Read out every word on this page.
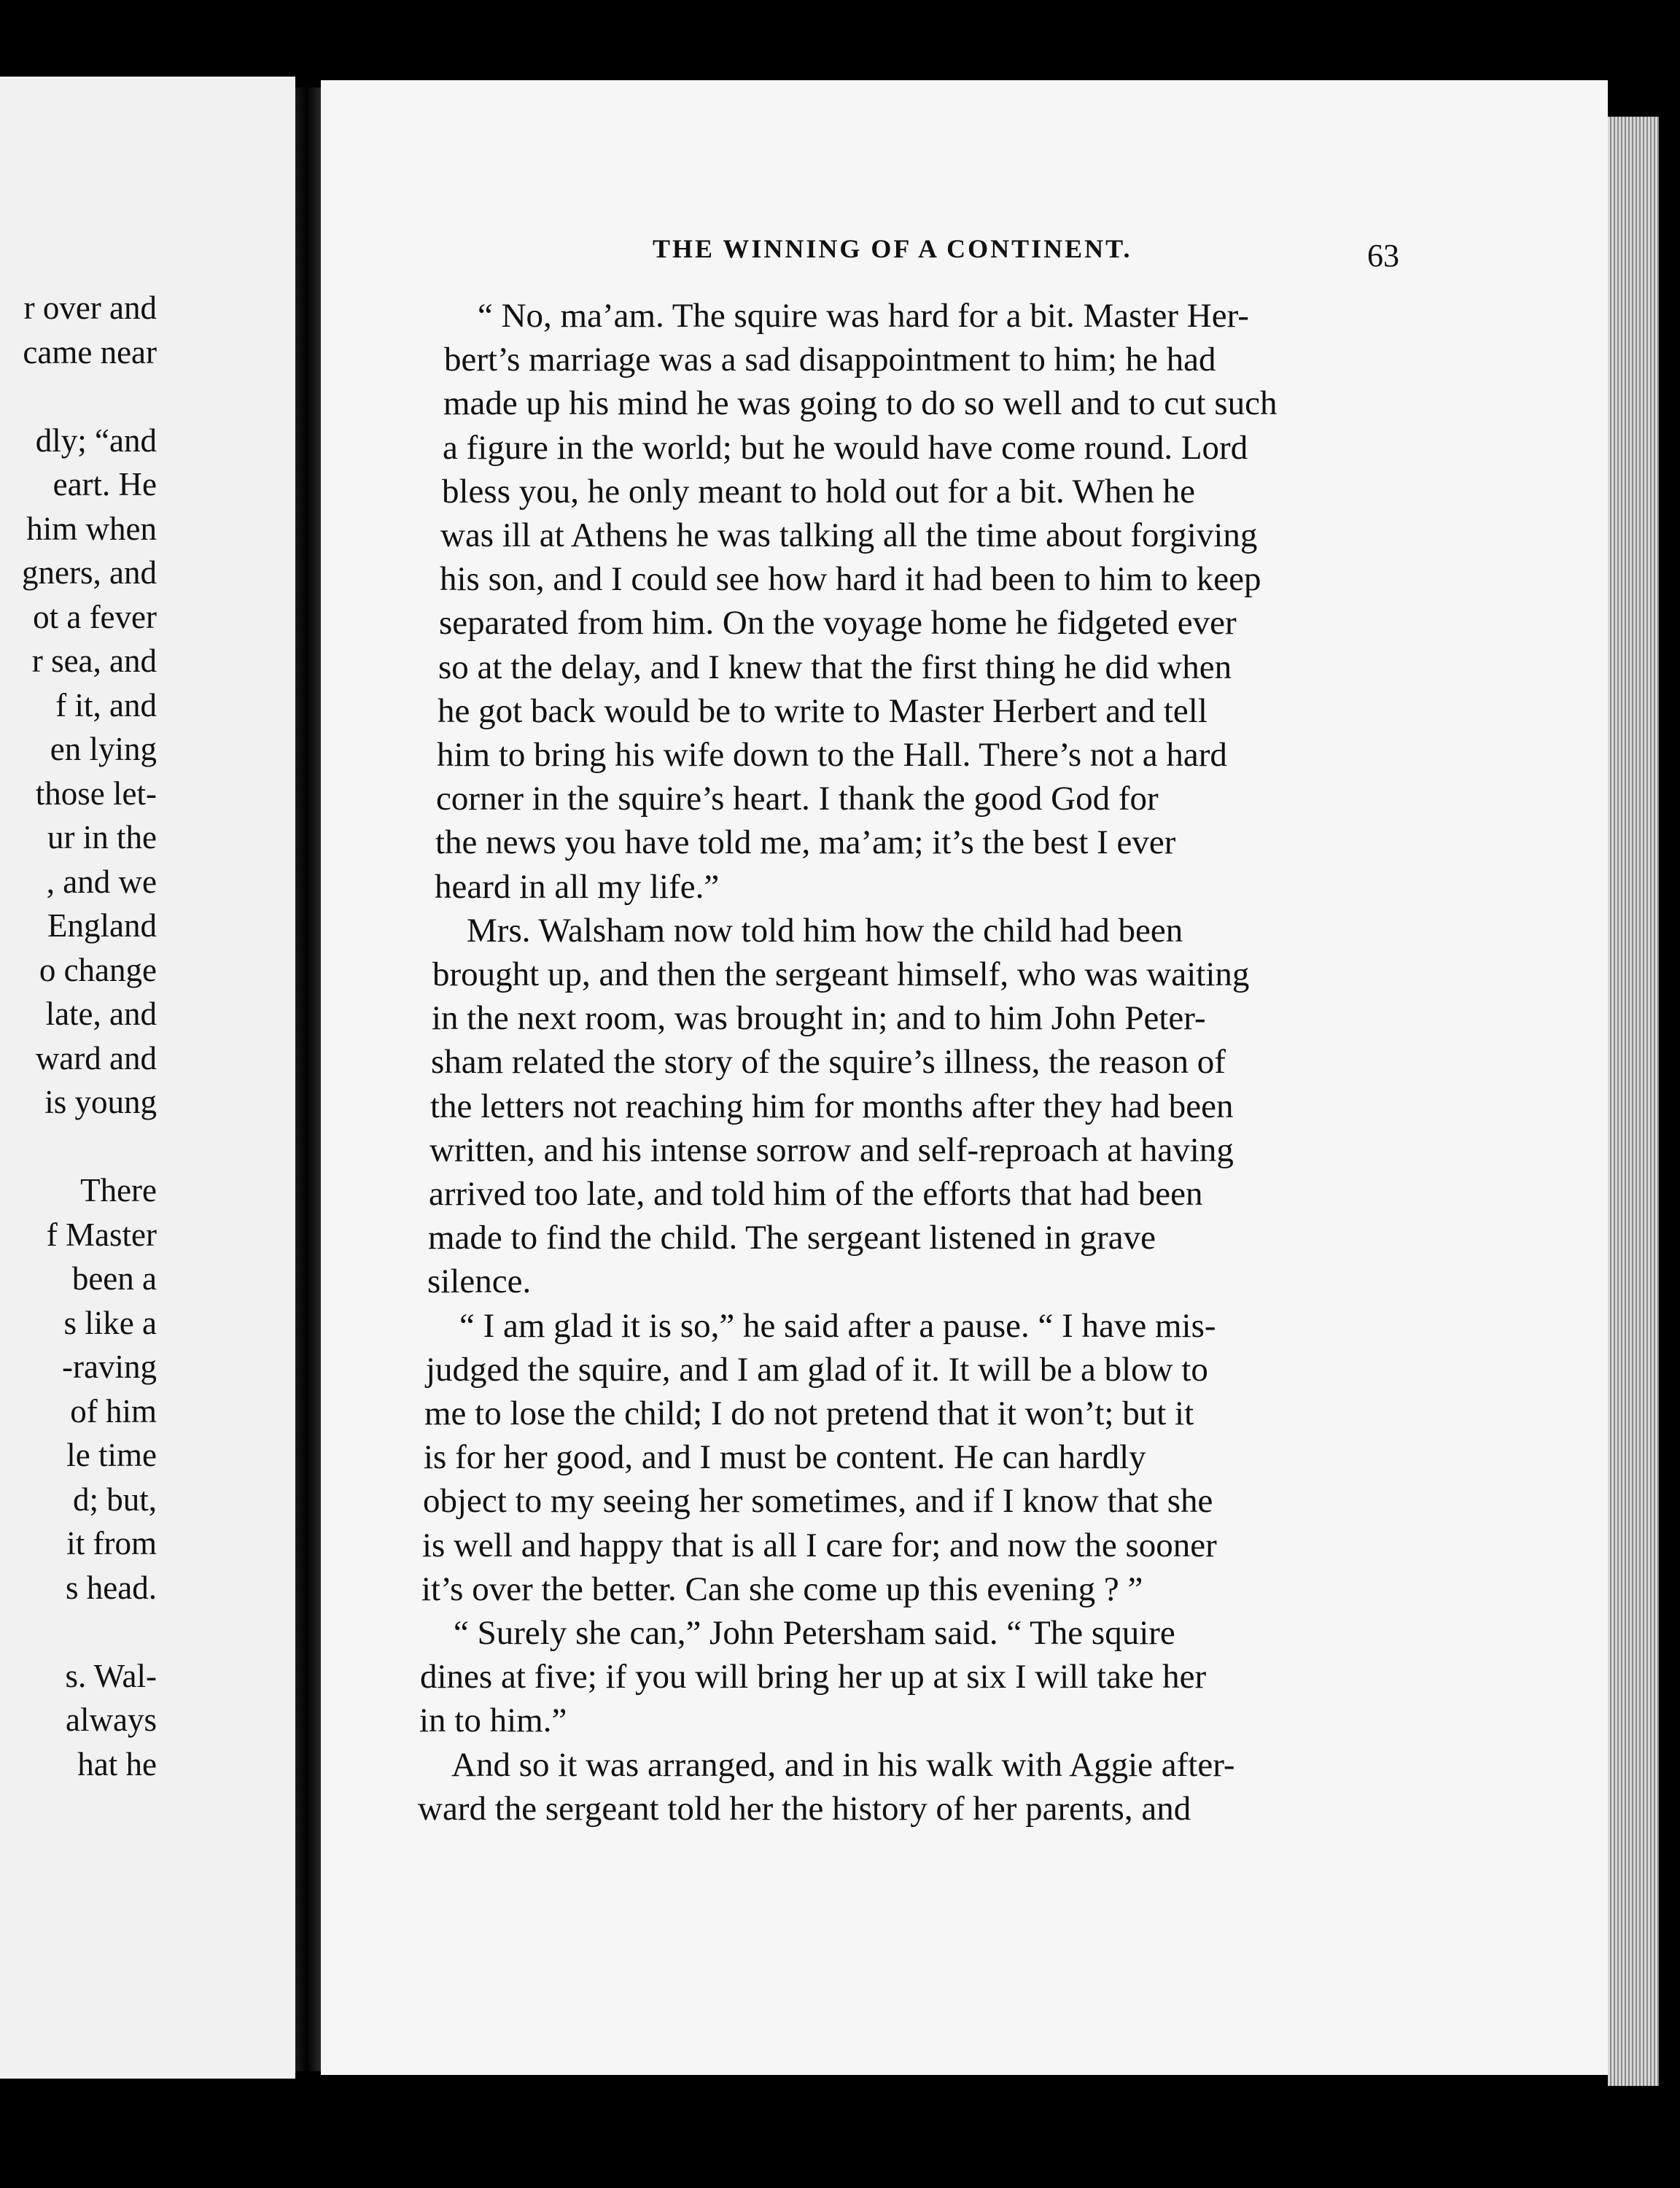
r over and
came near
dly; “and
eart. He
him when
gners, and
ot a fever
r sea, and
f it, and
en lying
those let-
ur in the
, and we
England
o change
late, and
ward and
is young
There
f Master
been a
s like a
-raving
of him
le time
d; but,
it from
s head.
s. Wal-
always
hat he
THE WINNING OF A CONTINENT.	63
“ No, ma’am. The squire was hard for a bit. Master Her-
bert’s marriage was a sad disappointment to him; he had
made up his mind he was going to do so well and to cut such
a figure in the world; but he would have come round. Lord
bless you, he only meant to hold out for a bit. When he
was ill at Athens he was talking all the time about forgiving
his son, and I could see how hard it had been to him to keep
separated from him. On the voyage home he fidgeted ever
so at the delay, and I knew that the first thing he did when
he got back would be to write to Master Herbert and tell
him to bring his wife down to the Hall. There’s not a hard
corner in the squire’s heart. I thank the good God for
the news you have told me, ma’am; it’s the best I ever
heard in all my life.”
Mrs. Walsham now told him how the child had been
brought up, and then the sergeant himself, who was waiting
in the next room, was brought in; and to him John Peter-
sham related the story of the squire’s illness, the reason of
the letters not reaching him for months after they had been
written, and his intense sorrow and self-reproach at having
arrived too late, and told him of the efforts that had been
made to find the child. The sergeant listened in grave
silence.
“ I am glad it is so,” he said after a pause. “ I have mis-
judged the squire, and I am glad of it. It will be a blow to
me to lose the child; I do not pretend that it won’t; but it
is for her good, and I must be content. He can hardly
object to my seeing her sometimes, and if I know that she
is well and happy that is all I care for; and now the sooner
it’s over the better. Can she come up this evening ? ”
“ Surely she can,” John Petersham said. “ The squire
dines at five; if you will bring her up at six I will take her
in to him.”
And so it was arranged, and in his walk with Aggie after-
ward the sergeant told her the history of her parents, and
